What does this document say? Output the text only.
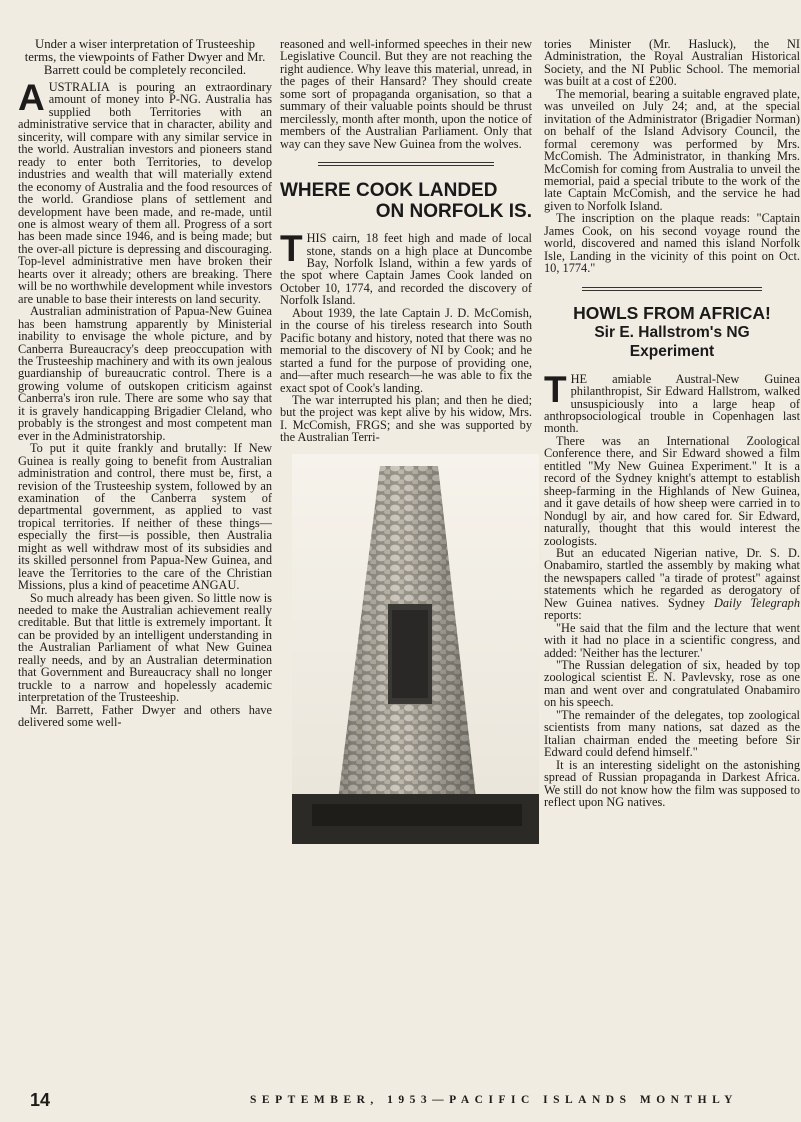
Under a wiser interpretation of Trusteeship terms, the viewpoints of Father Dwyer and Mr. Barrett could be completely reconciled.

AUSTRALIA is pouring an extraordinary amount of money into P-NG. Australia has supplied both Territories with an administrative service that in character, ability and sincerity, will compare with any similar service in the world. Australian investors and pioneers stand ready to enter both Territories, to develop industries and wealth that will materially extend the economy of Australia and the food resources of the world. Grandiose plans of settlement and development have been made, and re-made, until one is almost weary of them all. Progress of a sort has been made since 1946, and is being made; but the over-all picture is depressing and discouraging. Top-level administrative men have broken their hearts over it already; others are breaking. There will be no worthwhile development while investors are unable to base their interests on land security.

Australian administration of Papua-New Guinea has been hamstrung apparently by Ministerial inability to envisage the whole picture, and by Canberra Bureaucracy's deep preoccupation with the Trusteeship machinery and with its own jealous guardianship of bureaucratic control. There is a growing volume of outskopen criticism against Canberra's iron rule. There are some who say that it is gravely handicapping Brigadier Cleland, who probably is the strongest and most competent man ever in the Administratorship.

To put it quite frankly and brutally: If New Guinea is really going to benefit from Australian administration and control, there must be, first, a revision of the Trusteeship system, followed by an examination of the Canberra system of departmental government, as applied to vast tropical territories. If neither of these things—especially the first—is possible, then Australia might as well withdraw most of its subsidies and its skilled personnel from Papua-New Guinea, and leave the Territories to the care of the Christian Missions, plus a kind of peacetime ANGAU.

So much already has been given. So little now is needed to make the Australian achievement really creditable. But that little is extremely important. It can be provided by an intelligent understanding in the Australian Parliament of what New Guinea really needs, and by an Australian determination that Government and Bureaucracy shall no longer truckle to a narrow and hopelessly academic interpretation of the Trusteeship.

Mr. Barrett, Father Dwyer and others have delivered some well-

reasoned and well-informed speeches in their new Legislative Council. But they are not reaching the right audience. Why leave this material, unread, in the pages of their Hansard? They should create some sort of propaganda organisation, so that a summary of their valuable points should be thrust mercilessly, month after month, upon the notice of members of the Australian Parliament. Only that way can they save New Guinea from the wolves.

WHERE COOK LANDED
ON NORFOLK IS.

THIS cairn, 18 feet high and made of local stone, stands on a high place at Duncombe Bay, Norfolk Island, within a few yards of the spot where Captain James Cook landed on October 10, 1774, and recorded the discovery of Norfolk Island.

About 1939, the late Captain J. D. McComish, in the course of his tireless research into South Pacific botany and history, noted that there was no memorial to the discovery of NI by Cook; and he started a fund for the purpose of providing one, and—after much research—he was able to fix the exact spot of Cook's landing.

The war interrupted his plan; and then he died; but the project was kept alive by his widow, Mrs. I. McComish, FRGS; and she was supported by the Australian Terri-

tories Minister (Mr. Hasluck), the NI Administration, the Royal Australian Historical Society, and the NI Public School. The memorial was built at a cost of £200.

The memorial, bearing a suitable engraved plate, was unveiled on July 24; and, at the special invitation of the Administrator (Brigadier Norman) on behalf of the Island Advisory Council, the formal ceremony was performed by Mrs. McComish. The Administrator, in thanking Mrs. McComish for coming from Australia to unveil the memorial, paid a special tribute to the work of the late Captain McComish, and the service he had given to Norfolk Island.

The inscription on the plaque reads: "Captain James Cook, on his second voyage round the world, discovered and named this island Norfolk Isle, Landing in the vicinity of this point on Oct. 10, 1774."

HOWLS FROM AFRICA!
Sir E. Hallstrom's NG
Experiment

THE amiable Austral-New Guinea philanthropist, Sir Edward Hallstrom, walked unsuspiciously into a large heap of anthropsociological trouble in Copenhagen last month.

There was an International Zoological Conference there, and Sir Edward showed a film entitled "My New Guinea Experiment." It is a record of the Sydney knight's attempt to establish sheep-farming in the Highlands of New Guinea, and it gave details of how sheep were carried in to Nondugl by air, and how cared for. Sir Edward, naturally, thought that this would interest the zoologists.

But an educated Nigerian native, Dr. S. D. Onabamiro, startled the assembly by making what the newspapers called "a tirade of protest" against statements which he regarded as derogatory of New Guinea natives. Sydney Daily Telegraph reports:

"He said that the film and the lecture that went with it had no place in a scientific congress, and added: 'Neither has the lecturer.'

"The Russian delegation of six, headed by top zoological scientist E. N. Pavlevsky, rose as one man and went over and congratulated Onabamiro on his speech.

"The remainder of the delegates, top zoological scientists from many nations, sat dazed as the Italian chairman ended the meeting before Sir Edward could defend himself."

It is an interesting sidelight on the astonishing spread of Russian propaganda in Darkest Africa. We still do not know how the film was supposed to reflect upon NG natives.

14	SEPTEMBER, 1953—PACIFIC ISLANDS MONTHLY
